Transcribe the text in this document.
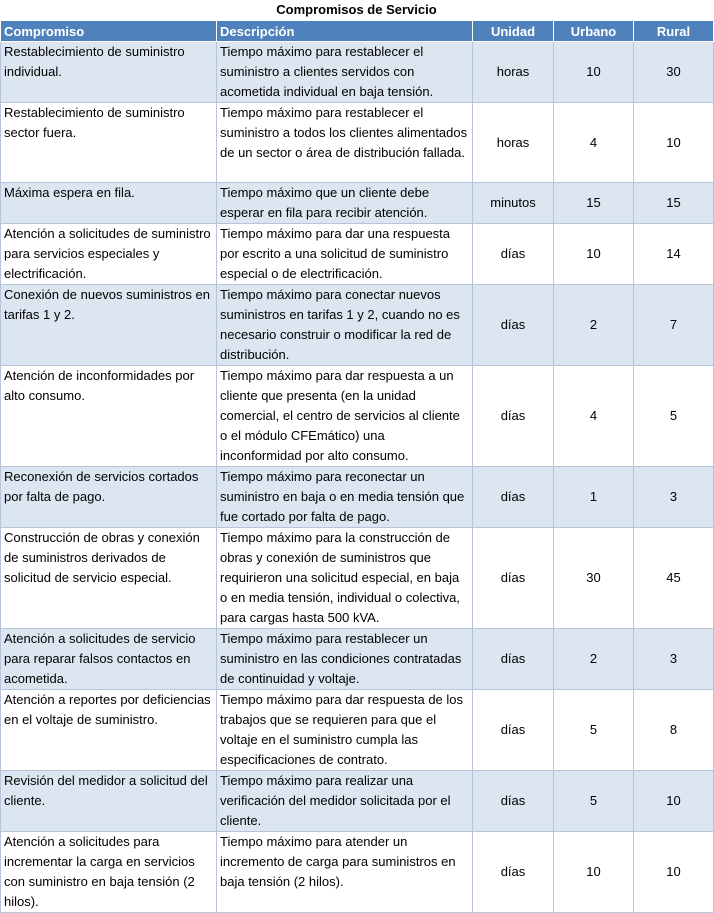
Compromisos de Servicio
Compromiso	Descripción	Unidad	Urbano	Rural
Restablecimiento de suministro individual.	Tiempo máximo para restablecer el suministro a clientes servidos con acometida individual en baja tensión.	horas	10	30
Restablecimiento de suministro sector fuera.	Tiempo máximo para restablecer el suministro a todos los clientes alimentados de un sector o área de distribución fallada.	horas	4	10
Máxima espera en fila.	Tiempo máximo que un cliente debe esperar en fila para recibir atención.	minutos	15	15
Atención a solicitudes de suministro para servicios especiales y electrificación.	Tiempo máximo para dar una respuesta por escrito a una solicitud de suministro especial o de electrificación.	días	10	14
Conexión de nuevos suministros en tarifas 1 y 2.	Tiempo máximo para conectar nuevos suministros en tarifas 1 y 2, cuando no es necesario construir o modificar la red de distribución.	días	2	7
Atención de inconformidades por alto consumo.	Tiempo máximo para dar respuesta a un cliente que presenta (en la unidad comercial, el centro de servicios al cliente o el módulo CFEmático) una inconformidad por alto consumo.	días	4	5
Reconexión de servicios cortados por falta de pago.	Tiempo máximo para reconectar un suministro en baja o en media tensión que fue cortado por falta de pago.	días	1	3
Construcción de obras y conexión de suministros derivados de solicitud de servicio especial.	Tiempo máximo para la construcción de obras y conexión de suministros que requirieron una solicitud especial, en baja o en media tensión, individual o colectiva, para cargas hasta 500 kVA.	días	30	45
Atención a solicitudes de servicio para reparar falsos contactos en acometida.	Tiempo máximo para restablecer un suministro en las condiciones contratadas de continuidad y voltaje.	días	2	3
Atención a reportes por deficiencias en el voltaje de suministro.	Tiempo máximo para dar respuesta de los trabajos que se requieren para que el voltaje en el suministro cumpla las especificaciones de contrato.	días	5	8
Revisión del medidor a solicitud del cliente.	Tiempo máximo para realizar una verificación del medidor solicitada por el cliente.	días	5	10
Atención a solicitudes para incrementar la carga en servicios con suministro en baja tensión (2 hilos).	Tiempo máximo para atender un incremento de carga para suministros en baja tensión (2 hilos).	días	10	10
